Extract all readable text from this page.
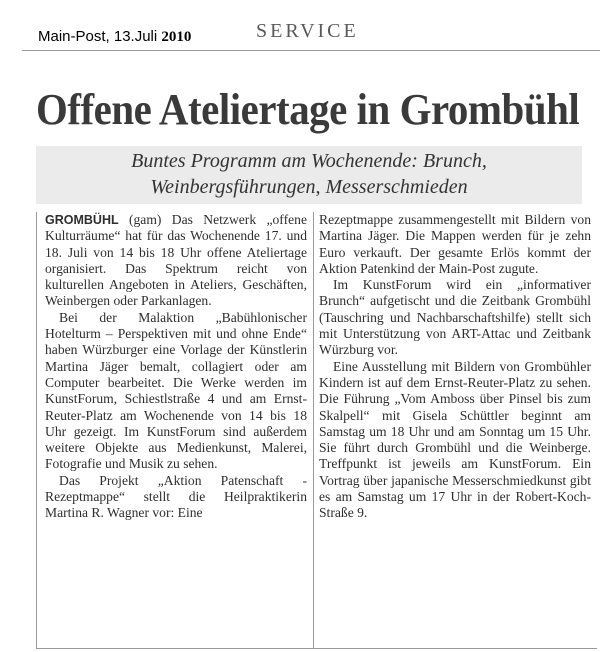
Main-Post, 13.Juli 2010	SERVICE
Offene Ateliertage in Grombühl
Buntes Programm am Wochenende: Brunch,
Weinbergsführungen, Messerschmieden

GROMBÜHL (gam) Das Netzwerk „offene Kulturräume“ hat für das Wochenende 17. und 18. Juli von 14 bis 18 Uhr offene Ateliertage organisiert. Das Spektrum reicht von kulturellen Angeboten in Ateliers, Geschäften, Weinbergen oder Parkanlagen.

Bei der Malaktion „Babühlonischer Hotelturm – Perspektiven mit und ohne Ende“ haben Würzburger eine Vorlage der Künstlerin Martina Jäger bemalt, collagiert oder am Computer bearbeitet. Die Werke werden im KunstForum, Schiestlstraße 4 und am Ernst-Reuter-Platz am Wochenende von 14 bis 18 Uhr gezeigt. Im KunstForum sind außerdem weitere Objekte aus Medienkunst, Malerei, Fotografie und Musik zu sehen.

Das Projekt „Aktion Patenschaft - Rezeptmappe“ stellt die Heilpraktikerin Martina R. Wagner vor: Eine

Rezeptmappe zusammengestellt mit Bildern von Martina Jäger. Die Mappen werden für je zehn Euro verkauft. Der gesamte Erlös kommt der Aktion Patenkind der Main-Post zugute.

Im KunstForum wird ein „informativer Brunch“ aufgetischt und die Zeitbank Grombühl (Tauschring und Nachbarschaftshilfe) stellt sich mit Unterstützung von ART-Attac und Zeitbank Würzburg vor.

Eine Ausstellung mit Bildern von Grombühler Kindern ist auf dem Ernst-Reuter-Platz zu sehen. Die Führung „Vom Amboss über Pinsel bis zum Skalpell“ mit Gisela Schüttler beginnt am Samstag um 18 Uhr und am Sonntag um 15 Uhr. Sie führt durch Grombühl und die Weinberge. Treffpunkt ist jeweils am KunstForum. Ein Vortrag über japanische Messerschmiedkunst gibt es am Samstag um 17 Uhr in der Robert-Koch-Straße 9.
